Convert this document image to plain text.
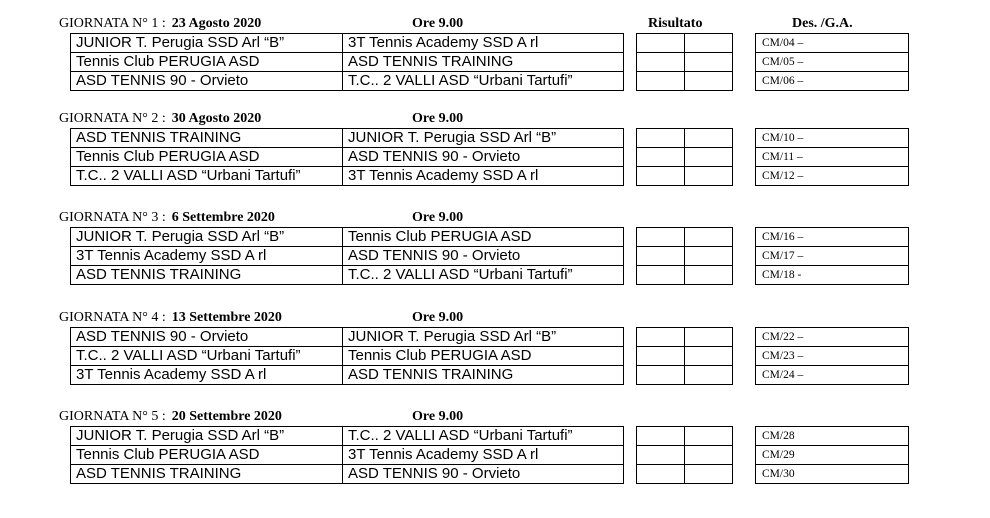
Risultato	Des. /G.A.
GIORNATA N° 1 : 23 Agosto 2020	Ore 9.00
JUNIOR T. Perugia SSD Arl “B”	3T Tennis Academy SSD A rl	CM/04 –
Tennis Club PERUGIA ASD	ASD TENNIS TRAINING	CM/05 –
ASD TENNIS 90 - Orvieto	T.C.. 2 VALLI ASD “Urbani Tartufi”	CM/06 –
GIORNATA N° 2 : 30 Agosto 2020	Ore 9.00
ASD TENNIS TRAINING	JUNIOR T. Perugia SSD Arl “B”	CM/10 –
Tennis Club PERUGIA ASD	ASD TENNIS 90 - Orvieto	CM/11 –
T.C.. 2 VALLI ASD “Urbani Tartufi”	3T Tennis Academy SSD A rl	CM/12 –
GIORNATA N° 3 : 6 Settembre 2020	Ore 9.00
JUNIOR T. Perugia SSD Arl “B”	Tennis Club PERUGIA ASD	CM/16 –
3T Tennis Academy SSD A rl	ASD TENNIS 90 - Orvieto	CM/17 –
ASD TENNIS TRAINING	T.C.. 2 VALLI ASD “Urbani Tartufi”	CM/18 -
GIORNATA N° 4 : 13 Settembre 2020	Ore 9.00
ASD TENNIS 90 - Orvieto	JUNIOR T. Perugia SSD Arl “B”	CM/22 –
T.C.. 2 VALLI ASD “Urbani Tartufi”	Tennis Club PERUGIA ASD	CM/23 –
3T Tennis Academy SSD A rl	ASD TENNIS TRAINING	CM/24 –
GIORNATA N° 5 : 20 Settembre 2020	Ore 9.00
JUNIOR T. Perugia SSD Arl “B”	T.C.. 2 VALLI ASD “Urbani Tartufi”	CM/28
Tennis Club PERUGIA ASD	3T Tennis Academy SSD A rl	CM/29
ASD TENNIS TRAINING	ASD TENNIS 90 - Orvieto	CM/30
